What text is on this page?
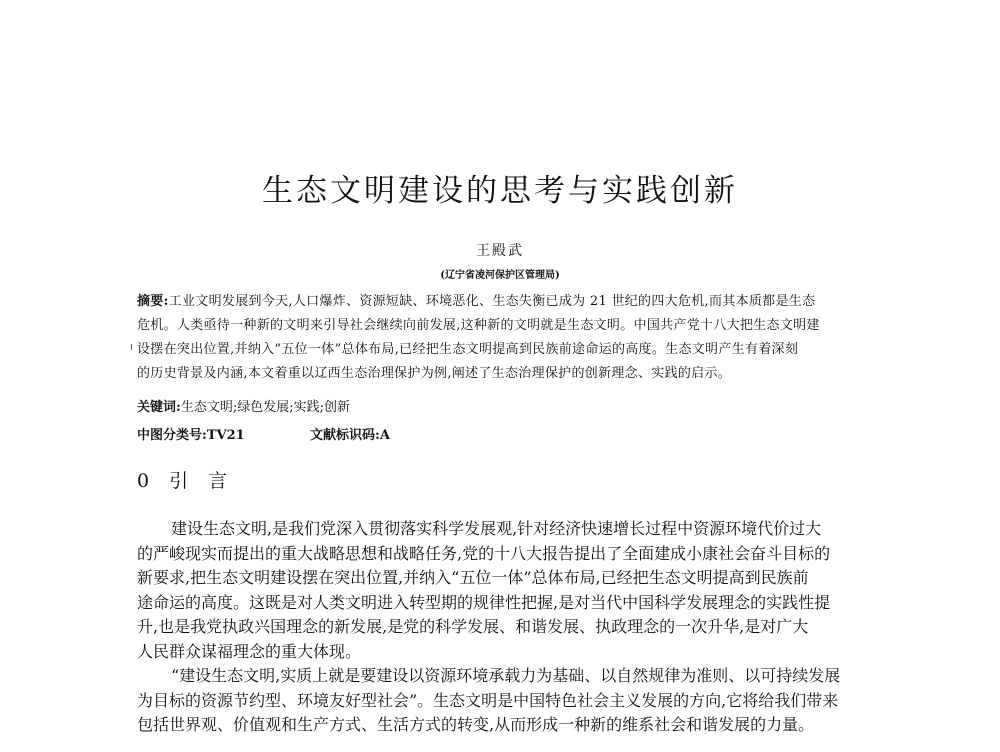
生态文明建设的思考与实践创新
王殿武
(辽宁省凌河保护区管理局)
摘要:工业文明发展到今天,人口爆炸、资源短缺、环境恶化、生态失衡已成为 21 世纪的四大危机,而其本质都是生态
危机。人类亟待一种新的文明来引导社会继续向前发展,这种新的文明就是生态文明。中国共产党十八大把生态文明建
设摆在突出位置,并纳入“五位一体”总体布局,已经把生态文明提高到民族前途命运的高度。生态文明产生有着深刻
的历史背景及内涵,本文着重以辽西生态治理保护为例,阐述了生态治理保护的创新理念、实践的启示。
关键词:生态文明;绿色发展;实践;创新
中图分类号:TV21	文献标识码:A
0 引 言
建设生态文明,是我们党深入贯彻落实科学发展观,针对经济快速增长过程中资源环境代价过大
的严峻现实而提出的重大战略思想和战略任务,党的十八大报告提出了全面建成小康社会奋斗目标的
新要求,把生态文明建设摆在突出位置,并纳入“五位一体”总体布局,已经把生态文明提高到民族前
途命运的高度。这既是对人类文明进入转型期的规律性把握,是对当代中国科学发展理念的实践性提
升,也是我党执政兴国理念的新发展,是党的科学发展、和谐发展、执政理念的一次升华,是对广大
人民群众谋福理念的重大体现。
“建设生态文明,实质上就是要建设以资源环境承载力为基础、以自然规律为准则、以可持续发展
为目标的资源节约型、环境友好型社会”。生态文明是中国特色社会主义发展的方向,它将给我们带来
包括世界观、价值观和生产方式、生活方式的转变,从而形成一种新的维系社会和谐发展的力量。
